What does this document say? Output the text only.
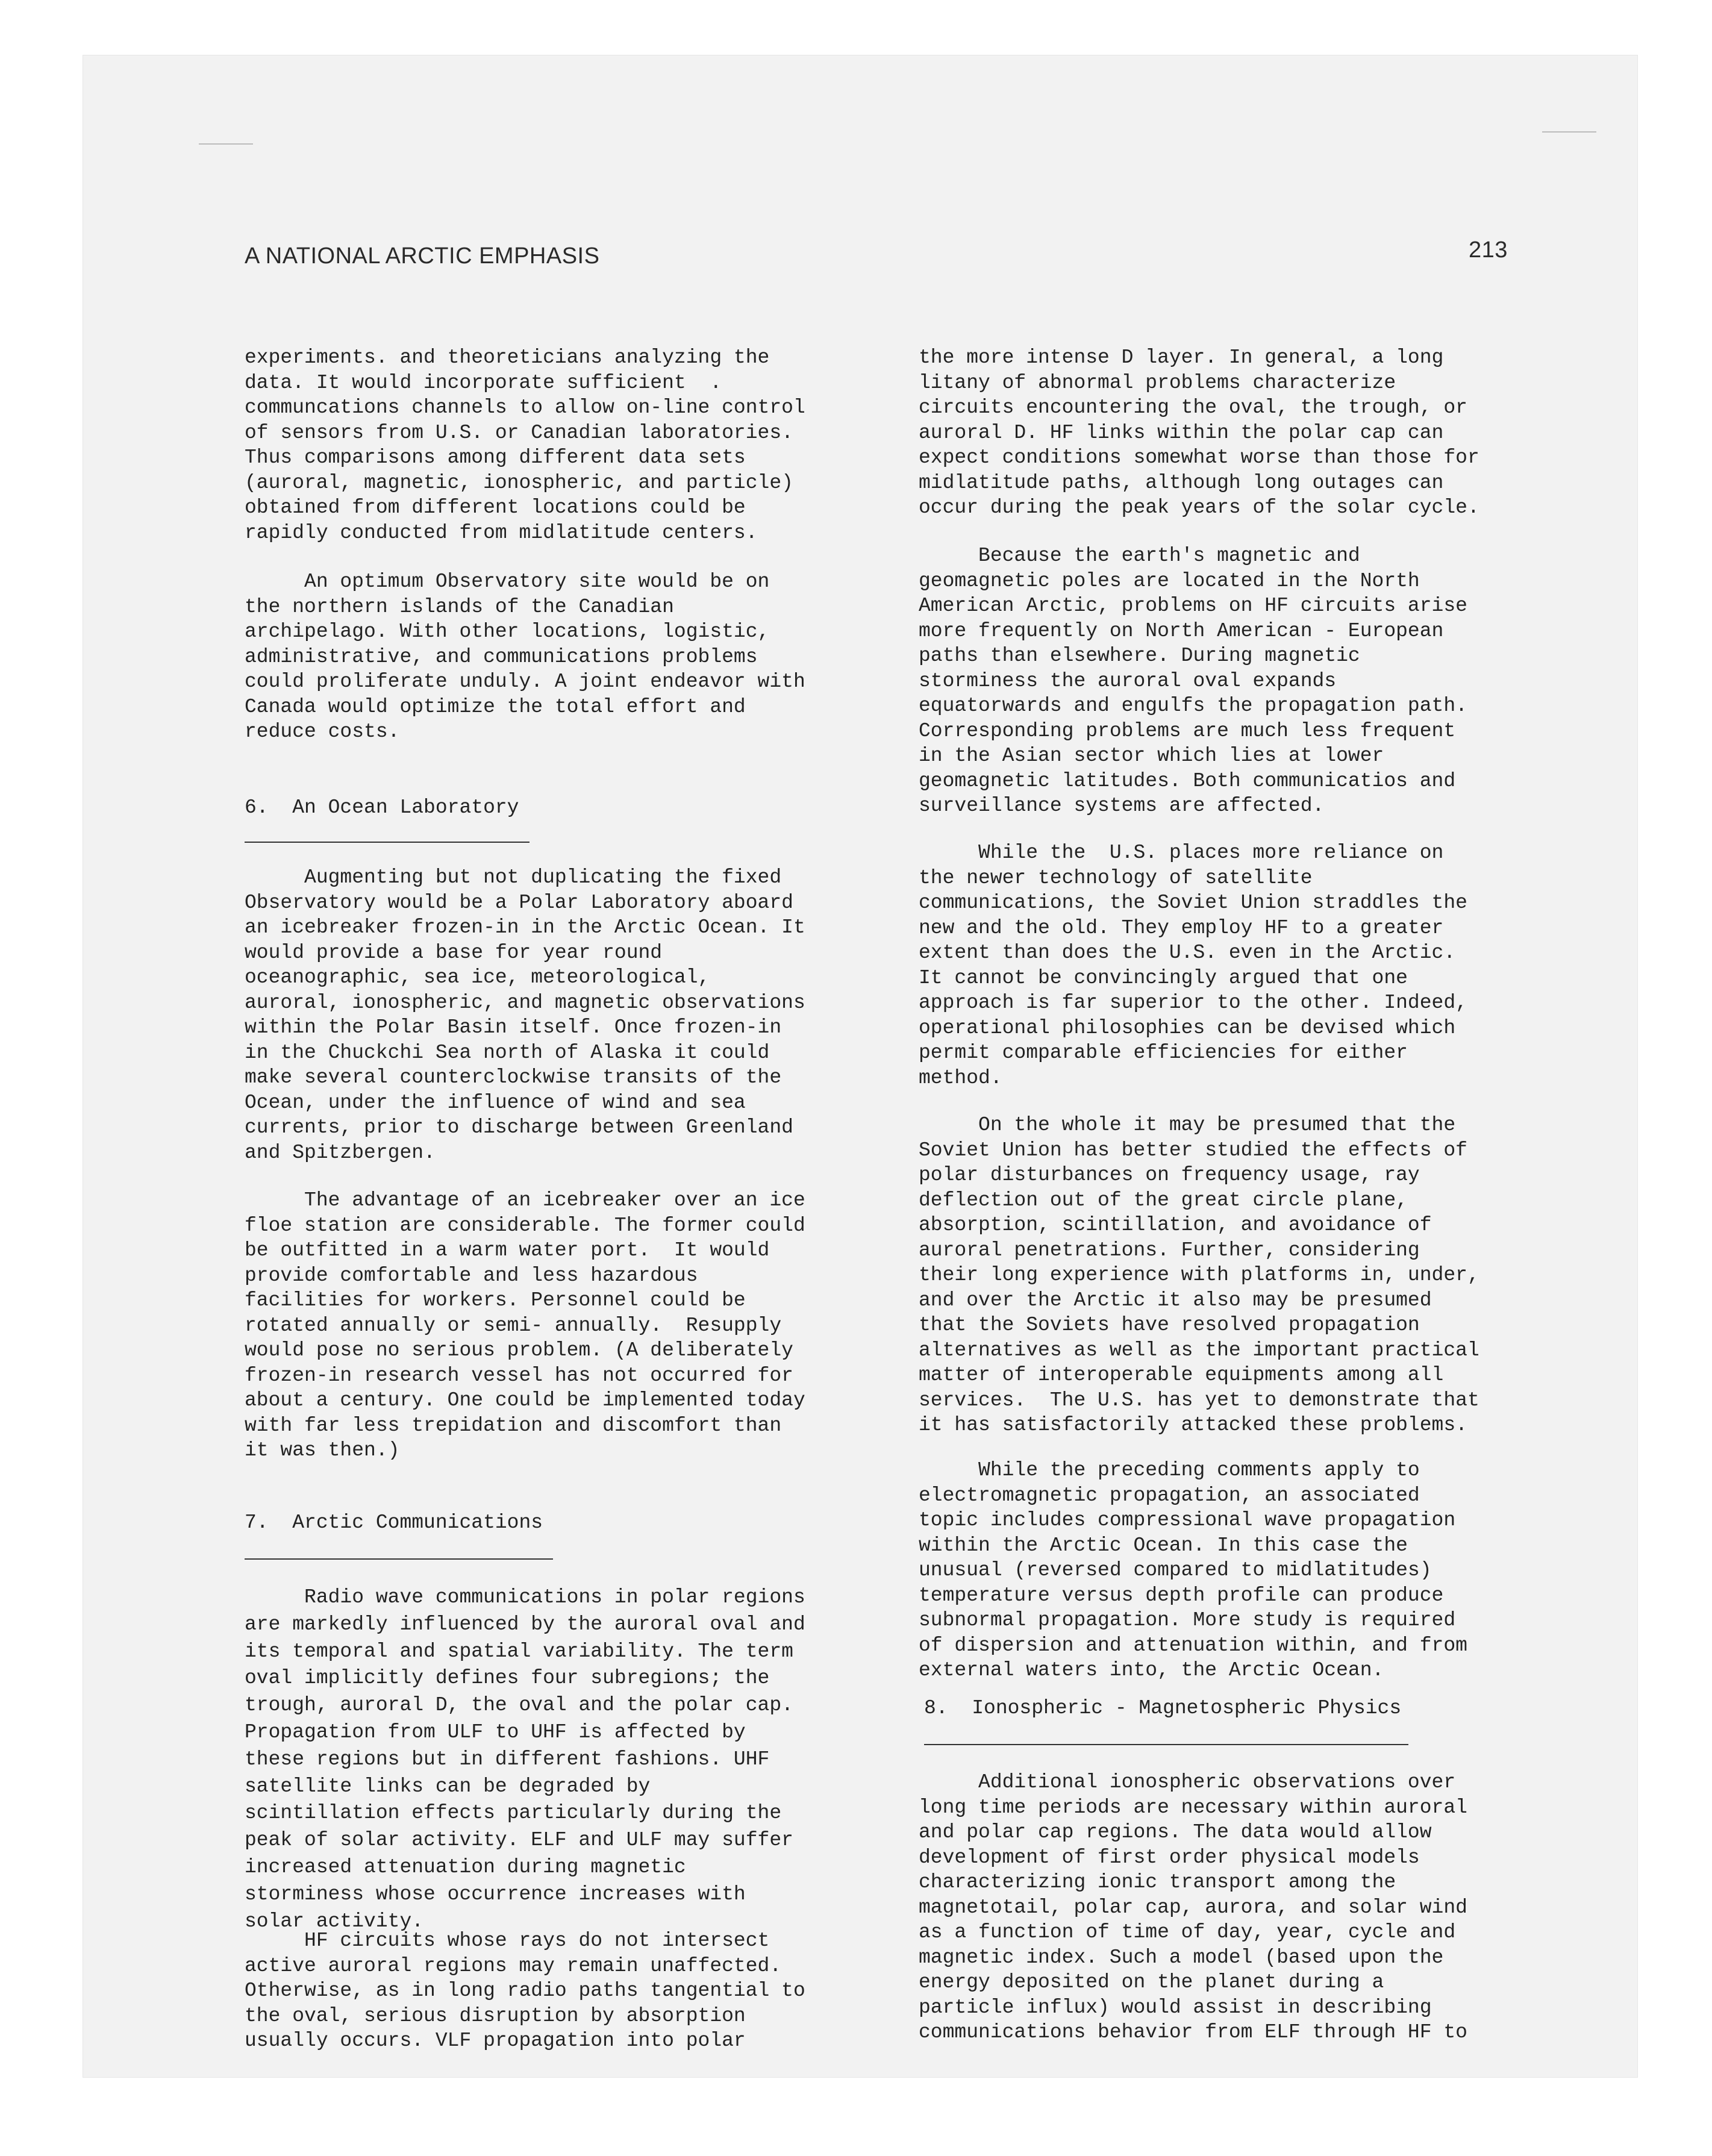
A NATIONAL ARCTIC EMPHASIS	213
experiments. and theoreticians analyzing the
data. It would incorporate sufficient  .
communcations channels to allow on-line control
of sensors from U.S. or Canadian laboratories.
Thus comparisons among different data sets
(auroral, magnetic, ionospheric, and particle)
obtained from different locations could be
rapidly conducted from midlatitude centers.
An optimum Observatory site would be on
the northern islands of the Canadian
archipelago. With other locations, logistic,
administrative, and communications problems
could proliferate unduly. A joint endeavor with
Canada would optimize the total effort and
reduce costs.
6.  An Ocean Laboratory
Augmenting but not duplicating the fixed
Observatory would be a Polar Laboratory aboard
an icebreaker frozen-in in the Arctic Ocean. It
would provide a base for year round
oceanographic, sea ice, meteorological,
auroral, ionospheric, and magnetic observations
within the Polar Basin itself. Once frozen-in
in the Chuckchi Sea north of Alaska it could
make several counterclockwise transits of the
Ocean, under the influence of wind and sea
currents, prior to discharge between Greenland
and Spitzbergen.
The advantage of an icebreaker over an ice
floe station are considerable. The former could
be outfitted in a warm water port.  It would
provide comfortable and less hazardous
facilities for workers. Personnel could be
rotated annually or semi- annually.  Resupply
would pose no serious problem. (A deliberately
frozen-in research vessel has not occurred for
about a century. One could be implemented today
with far less trepidation and discomfort than
it was then.)
7.  Arctic Communications
Radio wave communications in polar regions
are markedly influenced by the auroral oval and
its temporal and spatial variability. The term
oval implicitly defines four subregions; the
trough, auroral D, the oval and the polar cap.
Propagation from ULF to UHF is affected by
these regions but in different fashions. UHF
satellite links can be degraded by
scintillation effects particularly during the
peak of solar activity. ELF and ULF may suffer
increased attenuation during magnetic
storminess whose occurrence increases with
solar activity.
HF circuits whose rays do not intersect
active auroral regions may remain unaffected.
Otherwise, as in long radio paths tangential to
the oval, serious disruption by absorption
usually occurs. VLF propagation into polar
the more intense D layer. In general, a long
litany of abnormal problems characterize
circuits encountering the oval, the trough, or
auroral D. HF links within the polar cap can
expect conditions somewhat worse than those for
midlatitude paths, although long outages can
occur during the peak years of the solar cycle.
Because the earth's magnetic and
geomagnetic poles are located in the North
American Arctic, problems on HF circuits arise
more frequently on North American - European
paths than elsewhere. During magnetic
storminess the auroral oval expands
equatorwards and engulfs the propagation path.
Corresponding problems are much less frequent
in the Asian sector which lies at lower
geomagnetic latitudes. Both communicatios and
surveillance systems are affected.
While the  U.S. places more reliance on
the newer technology of satellite
communications, the Soviet Union straddles the
new and the old. They employ HF to a greater
extent than does the U.S. even in the Arctic.
It cannot be convincingly argued that one
approach is far superior to the other. Indeed,
operational philosophies can be devised which
permit comparable efficiencies for either
method.
On the whole it may be presumed that the
Soviet Union has better studied the effects of
polar disturbances on frequency usage, ray
deflection out of the great circle plane,
absorption, scintillation, and avoidance of
auroral penetrations. Further, considering
their long experience with platforms in, under,
and over the Arctic it also may be presumed
that the Soviets have resolved propagation
alternatives as well as the important practical
matter of interoperable equipments among all
services.  The U.S. has yet to demonstrate that
it has satisfactorily attacked these problems.
While the preceding comments apply to
electromagnetic propagation, an associated
topic includes compressional wave propagation
within the Arctic Ocean. In this case the
unusual (reversed compared to midlatitudes)
temperature versus depth profile can produce
subnormal propagation. More study is required
of dispersion and attenuation within, and from
external waters into, the Arctic Ocean.
8.  Ionospheric - Magnetospheric Physics
Additional ionospheric observations over
long time periods are necessary within auroral
and polar cap regions. The data would allow
development of first order physical models
characterizing ionic transport among the
magnetotail, polar cap, aurora, and solar wind
as a function of time of day, year, cycle and
magnetic index. Such a model (based upon the
energy deposited on the planet during a
particle influx) would assist in describing
communications behavior from ELF through HF to
